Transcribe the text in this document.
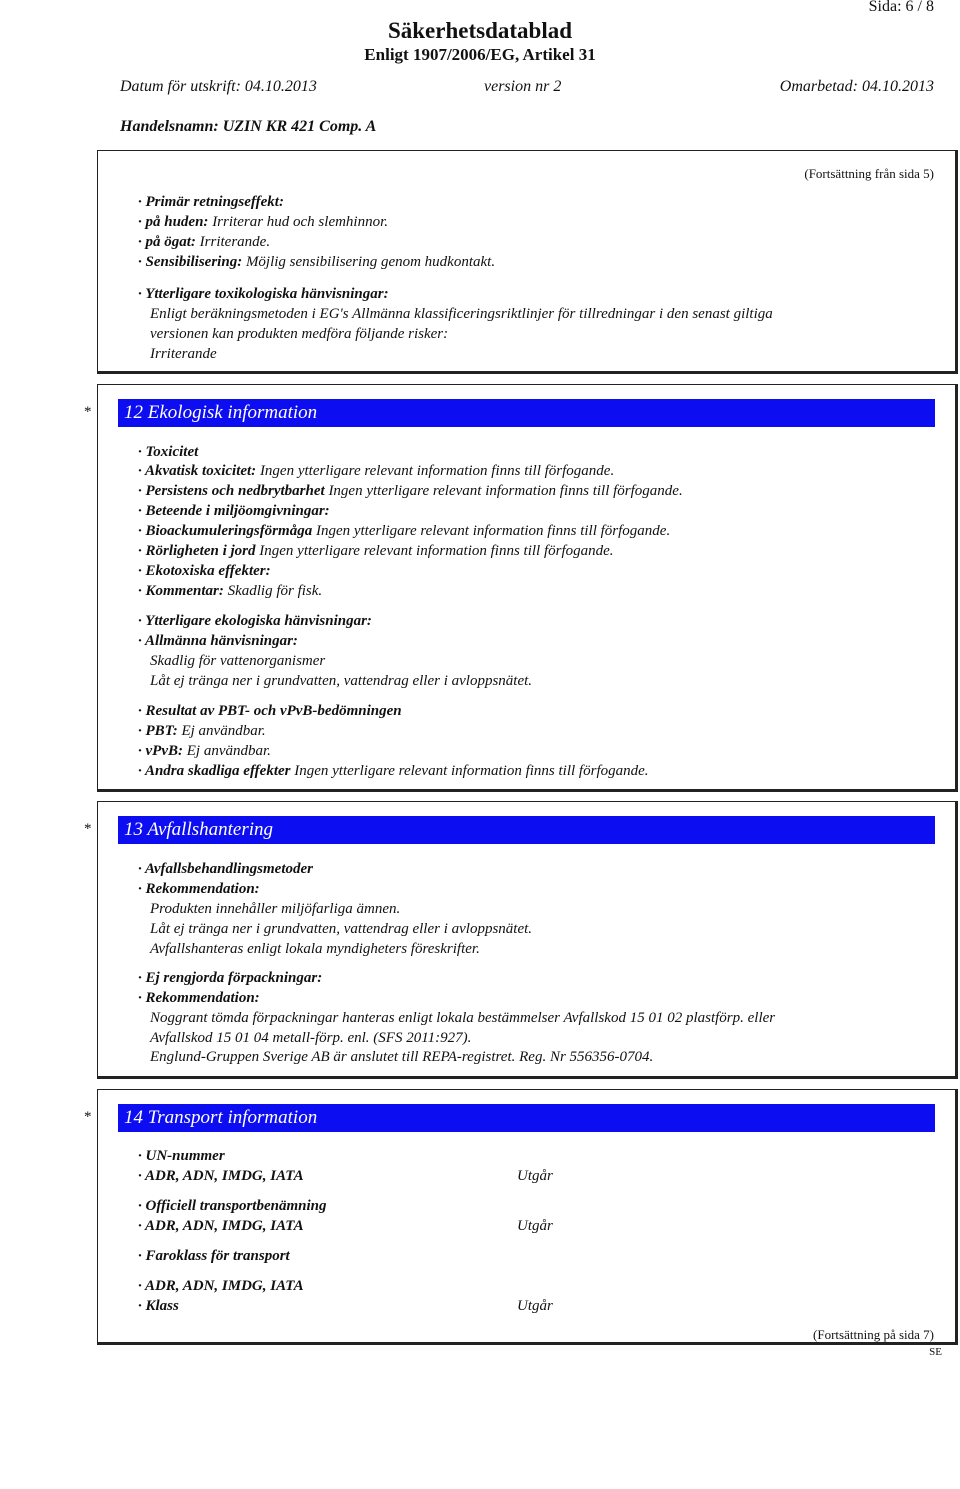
Sida: 6 / 8
Säkerhetsdatablad
Enligt 1907/2006/EG, Artikel 31
Datum för utskrift: 04.10.2013	version nr 2	Omarbetad: 04.10.2013
Handelsnamn: UZIN KR 421 Comp. A
(Fortsättning från sida 5)
· Primär retningseffekt:
· på huden: Irriterar hud och slemhinnor.
· på ögat: Irriterande.
· Sensibilisering: Möjlig sensibilisering genom hudkontakt.
· Ytterligare toxikologiska hänvisningar:
Enligt beräkningsmetoden i EG's Allmänna klassificeringsriktlinjer för tillredningar i den senast giltiga
versionen kan produkten medföra följande risker:
Irriterande
*	12 Ekologisk information
· Toxicitet
· Akvatisk toxicitet: Ingen ytterligare relevant information finns till förfogande.
· Persistens och nedbrytbarhet Ingen ytterligare relevant information finns till förfogande.
· Beteende i miljöomgivningar:
· Bioackumuleringsförmåga Ingen ytterligare relevant information finns till förfogande.
· Rörligheten i jord Ingen ytterligare relevant information finns till förfogande.
· Ekotoxiska effekter:
· Kommentar: Skadlig för fisk.
· Ytterligare ekologiska hänvisningar:
· Allmänna hänvisningar:
Skadlig för vattenorganismer
Låt ej tränga ner i grundvatten, vattendrag eller i avloppsnätet.
· Resultat av PBT- och vPvB-bedömningen
· PBT: Ej användbar.
· vPvB: Ej användbar.
· Andra skadliga effekter Ingen ytterligare relevant information finns till förfogande.
*	13 Avfallshantering
· Avfallsbehandlingsmetoder
· Rekommendation:
Produkten innehåller miljöfarliga ämnen.
Låt ej tränga ner i grundvatten, vattendrag eller i avloppsnätet.
Avfallshanteras enligt lokala myndigheters föreskrifter.
· Ej rengjorda förpackningar:
· Rekommendation:
Noggrant tömda förpackningar hanteras enligt lokala bestämmelser Avfallskod 15 01 02 plastförp. eller
Avfallskod 15 01 04 metall-förp. enl. (SFS 2011:927).
Englund-Gruppen Sverige AB är anslutet till REPA-registret. Reg. Nr 556356-0704.
*	14 Transport information
· UN-nummer
· ADR, ADN, IMDG, IATA	Utgår
· Officiell transportbenämning
· ADR, ADN, IMDG, IATA	Utgår
· Faroklass för transport
· ADR, ADN, IMDG, IATA
· Klass	Utgår
(Fortsättning på sida 7)
SE
